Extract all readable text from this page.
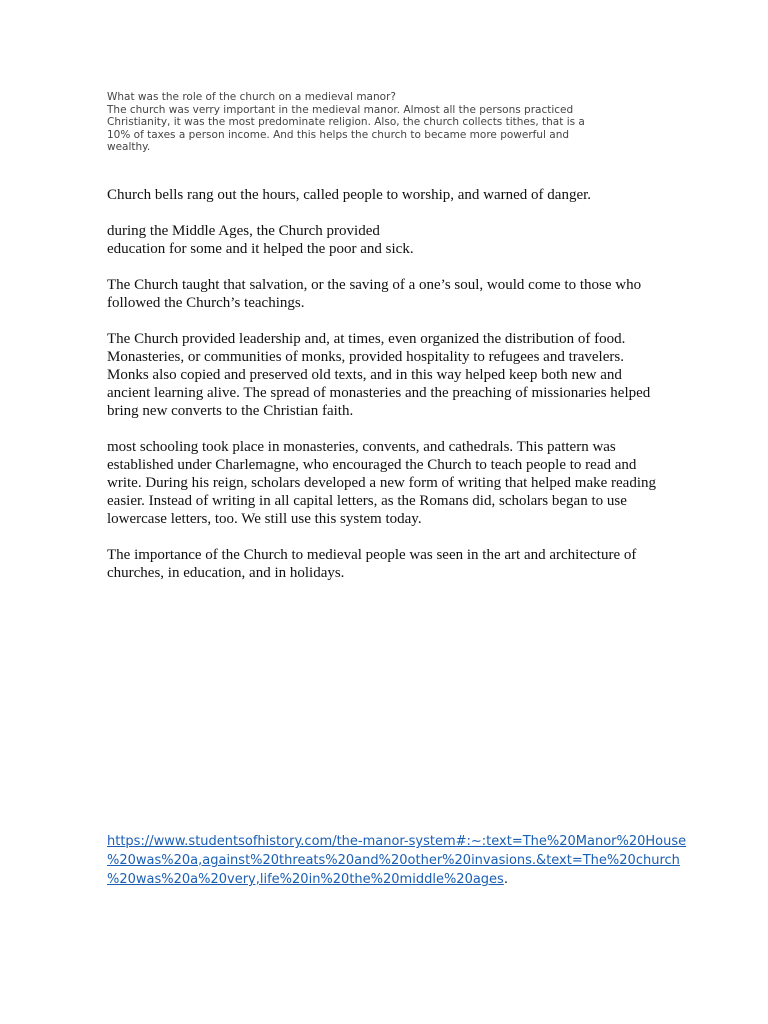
What was the role of the church on a medieval manor?
The church was verry important in the medieval manor. Almost all the persons practiced
Christianity, it was the most predominate religion. Also, the church collects tithes, that is a
10% of taxes a person income. And this helps the church to became more powerful and
wealthy.

Church bells rang out the hours, called people to worship, and warned of danger.

during the Middle Ages, the Church provided
education for some and it helped the poor and sick.

The Church taught that salvation, or the saving of a one’s soul, would come to those who
followed the Church’s teachings.

The Church provided leadership and, at times, even organized the distribution of food.
Monasteries, or communities of monks, provided hospitality to refugees and travelers.
Monks also copied and preserved old texts, and in this way helped keep both new and
ancient learning alive. The spread of monasteries and the preaching of missionaries helped
bring new converts to the Christian faith.

most schooling took place in monasteries, convents, and cathedrals. This pattern was
established under Charlemagne, who encouraged the Church to teach people to read and
write. During his reign, scholars developed a new form of writing that helped make reading
easier. Instead of writing in all capital letters, as the Romans did, scholars began to use
lowercase letters, too. We still use this system today.

The importance of the Church to medieval people was seen in the art and architecture of
churches, in education, and in holidays.

https://www.studentsofhistory.com/the-manor-system#:~:text=The%20Manor%20House
%20was%20a,against%20threats%20and%20other%20invasions.&text=The%20church
%20was%20a%20very,life%20in%20the%20middle%20ages.
